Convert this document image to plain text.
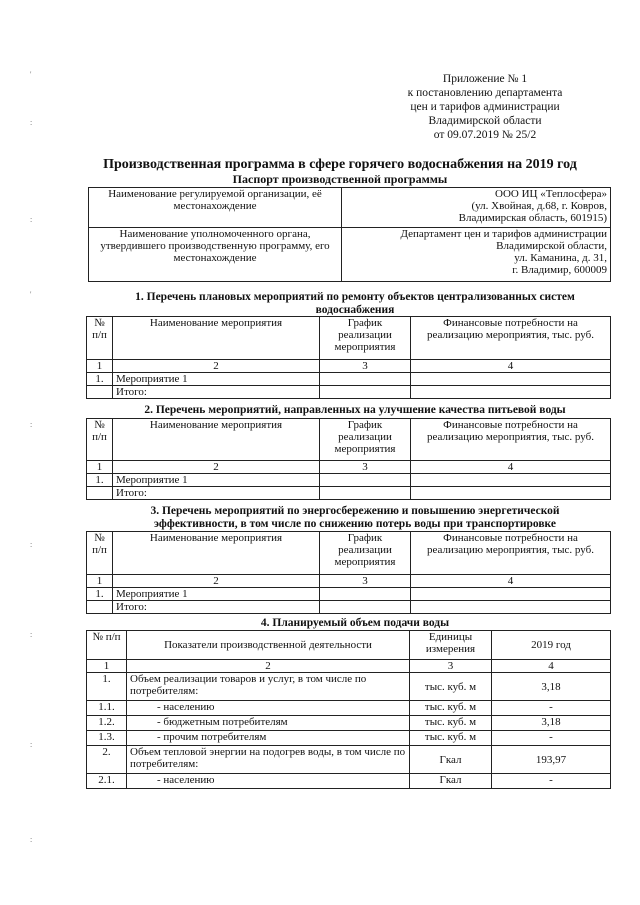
'
:
:
'
:
:
:
:
:
Приложение № 1
к постановлению департамента
цен и тарифов администрации
Владимирской области
от 09.07.2019 № 25/2
Производственная программа в сфере горячего водоснабжения на 2019 год
Паспорт производственной программы
Наименование регулируемой организации, её местонахождение	ООО ИЦ «Теплосфера»
(ул. Хвойная, д.68, г. Ковров,
Владимирская область, 601915)

Наименование уполномоченного органа, утвердившего производственную программу, его местонахождение	Департамент цен и тарифов администрации
Владимирской области,
ул. Каманина, д. 31,
г. Владимир, 600009
1. Перечень плановых мероприятий по ремонту объектов централизованных систем водоснабжения
№ п/п	Наименование мероприятия	График реализации мероприятия	Финансовые потребности на реализацию мероприятия, тыс. руб.
1	2	3	4
1.	Мероприятие 1		
	Итого:		
2. Перечень мероприятий, направленных на улучшение качества питьевой воды
№ п/п	Наименование мероприятия	График реализации мероприятия	Финансовые потребности на реализацию мероприятия, тыс. руб.
1	2	3	4
1.	Мероприятие 1		
	Итого:		
3. Перечень мероприятий по энергосбережению и повышению энергетической эффективности, в том числе по снижению потерь воды при транспортировке
№ п/п	Наименование мероприятия	График реализации мероприятия	Финансовые потребности на реализацию мероприятия, тыс. руб.
1	2	3	4
1.	Мероприятие 1		
	Итого:		
4. Планируемый объем подачи воды
№ п/п	Показатели производственной деятельности	Единицы измерения	2019 год
1	2	3	4
1.	Объем реализации товаров и услуг, в том числе по потребителям:	тыс. куб. м	3,18
1.1.	- населению	тыс. куб. м	-
1.2.	- бюджетным потребителям	тыс. куб. м	3,18
1.3.	- прочим потребителям	тыс. куб. м	-
2.	Объем тепловой энергии на подогрев воды, в том числе по потребителям:	Гкал	193,97
2.1.	- населению	Гкал	-
